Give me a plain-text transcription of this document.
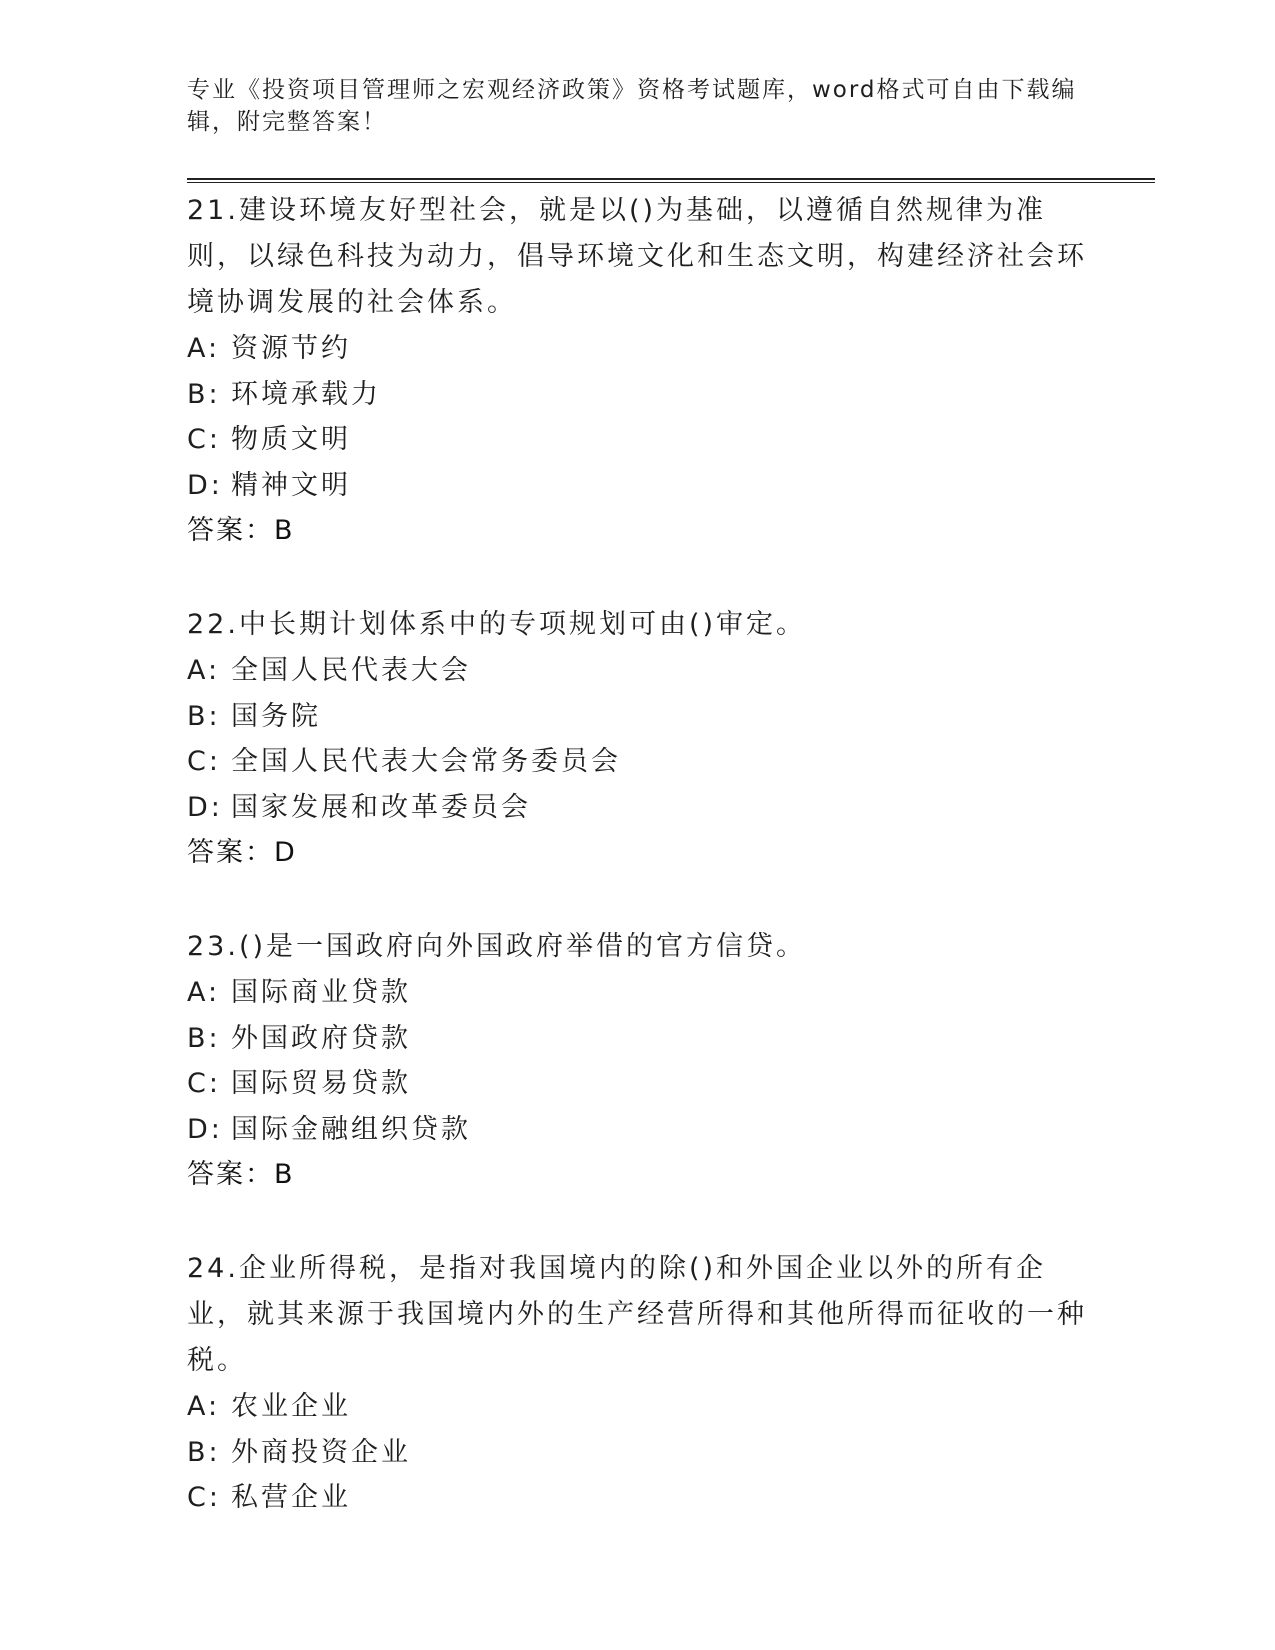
专业《投资项目管理师之宏观经济政策》资格考试题库，word格式可自由下载编辑，附完整答案！
21.建设环境友好型社会，就是以()为基础，以遵循自然规律为准则，以绿色科技为动力，倡导环境文化和生态文明，构建经济社会环境协调发展的社会体系。
A: 资源节约
B: 环境承载力
C: 物质文明
D: 精神文明
答案：B
22.中长期计划体系中的专项规划可由()审定。
A: 全国人民代表大会
B: 国务院
C: 全国人民代表大会常务委员会
D: 国家发展和改革委员会
答案：D
23.()是一国政府向外国政府举借的官方信贷。
A: 国际商业贷款
B: 外国政府贷款
C: 国际贸易贷款
D: 国际金融组织贷款
答案：B
24.企业所得税，是指对我国境内的除()和外国企业以外的所有企业，就其来源于我国境内外的生产经营所得和其他所得而征收的一种税。
A: 农业企业
B: 外商投资企业
C: 私营企业
